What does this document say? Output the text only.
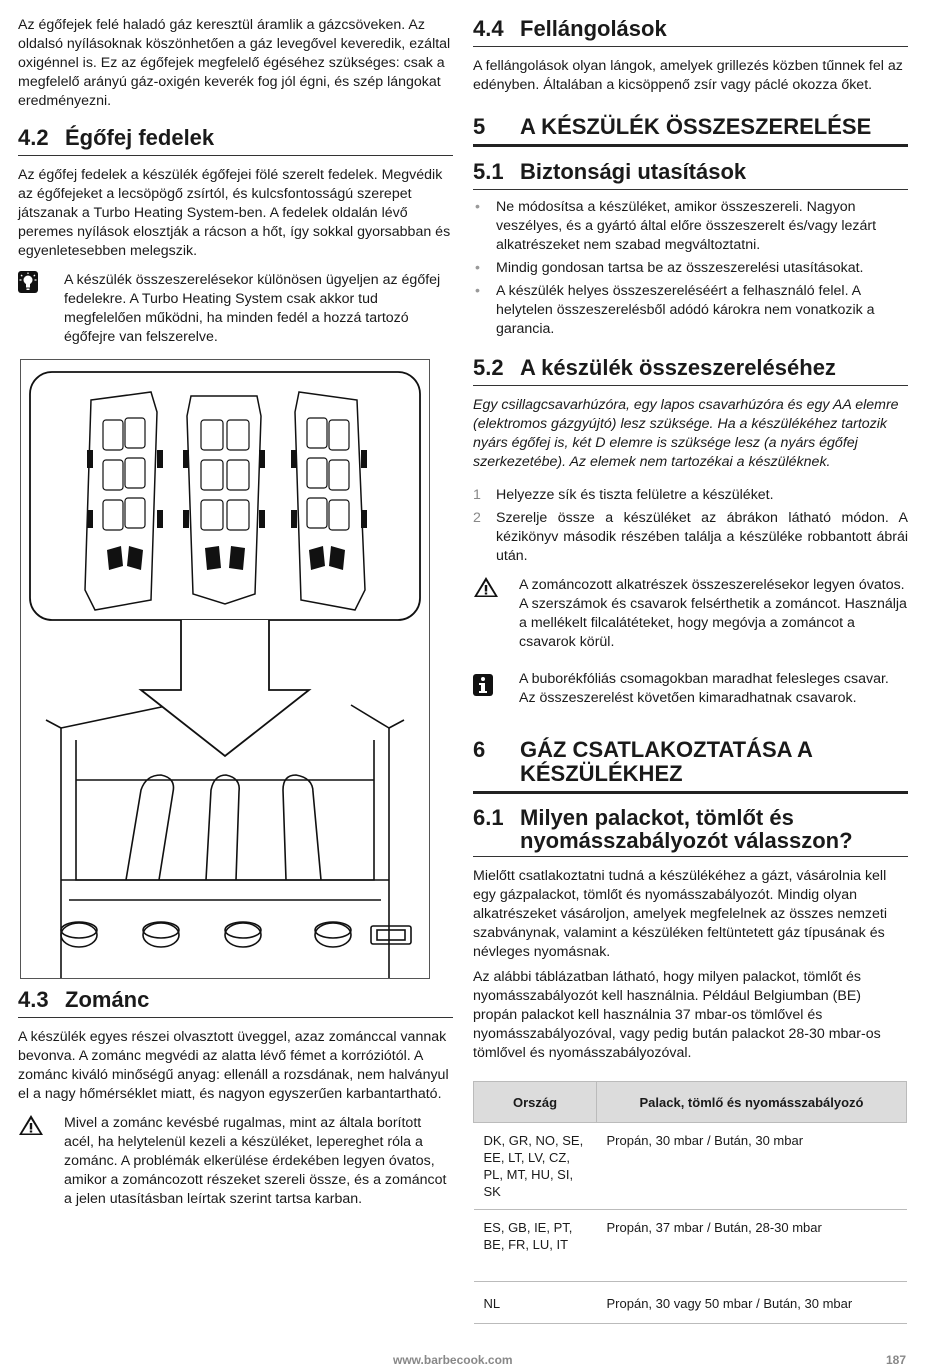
Az égőfejek felé haladó gáz keresztül áramlik a gázcsöveken. Az oldalsó nyílásoknak köszönhetően a gáz levegővel keveredik, ezáltal oxigénnel is. Ez az égőfejek megfelelő égéséhez szükséges: csak a megfelelő arányú gáz-oxigén keverék fog jól égni, és szép lángokat eredményezni.

4.2 Égőfej fedelek

Az égőfej fedelek a készülék égőfejei fölé szerelt fedelek. Megvédik az égőfejeket a lecsöpögő zsírtól, és kulcsfontosságú szerepet játszanak a Turbo Heating System-ben. A fedelek oldalán lévő peremes nyílások elosztják a rácson a hőt, így sokkal gyorsabban és egyenletesebben melegszik.

A készülék összeszerelésekor különösen ügyeljen az égőfej fedelekre. A Turbo Heating System csak akkor tud megfelelően működni, ha minden fedél a hozzá tartozó égőfejre van felszerelve.

4.3 Zománc

A készülék egyes részei olvasztott üveggel, azaz zománccal vannak bevonva. A zománc megvédi az alatta lévő fémet a korróziótól. A zománc kiváló minőségű anyag: ellenáll a rozsdának, nem halványul el a nagy hőmérséklet miatt, és nagyon egyszerűen karbantartható.

Mivel a zománc kevésbé rugalmas, mint az általa borított acél, ha helytelenül kezeli a készüléket, lepereghet róla a zománc. A problémák elkerülése érdekében legyen óvatos, amikor a zománcozott részeket szereli össze, és a zománcot a jelen utasításban leírtak szerint tartsa karban.

4.4 Fellángolások

A fellángolások olyan lángok, amelyek grillezés közben tűnnek fel az edényben. Általában a kicsöppenő zsír vagy páclé okozza őket.

5	A KÉSZÜLÉK ÖSSZESZERELÉSE
5.1 Biztonsági utasítások
• Ne módosítsa a készüléket, amikor összeszereli. Nagyon veszélyes, és a gyártó által előre összeszerelt és/vagy lezárt alkatrészeket nem szabad megváltoztatni.
• Mindig gondosan tartsa be az összeszerelési utasításokat.
• A készülék helyes összeszereléséért a felhasználó felel. A helytelen összeszerelésből adódó károkra nem vonatkozik a garancia.
5.2 A készülék összeszereléséhez

Egy csillagcsavarhúzóra, egy lapos csavarhúzóra és egy AA elemre (elektromos gázgyújtó) lesz szüksége. Ha a készülékéhez tartozik nyárs égőfej is, két D elemre is szüksége lesz (a nyárs égőfej szerkezetébe). Az elemek nem tartozékai a készüléknek.

1	Helyezze sík és tiszta felületre a készüléket.
2	Szerelje össze a készüléket az ábrákon látható módon. A kézikönyv második részében találja a készüléke robbantott ábrái után.

A zománcozott alkatrészek összeszerelésekor legyen óvatos. A szerszámok és csavarok felsérthetik a zománcot. Használja a mellékelt filcalátéteket, hogy megóvja a zománcot a csavarok körül.

A buborékfóliás csomagokban maradhat felesleges csavar. Az összeszerelést követően kimaradhatnak csavarok.

6	GÁZ CSATLAKOZTATÁSA A
KÉSZÜLÉKHEZ
6.1 Milyen palackot, tömlőt és
nyomásszabályozót válasszon?

Mielőtt csatlakoztatni tudná a készülékéhez a gázt, vásárolnia kell egy gázpalackot, tömlőt és nyomásszabályozót. Mindig olyan alkatrészeket vásároljon, amelyek megfelelnek az összes nemzeti szabványnak, valamint a készüléken feltüntetett gáz típusának és névleges nyomásnak.

Az alábbi táblázatban látható, hogy milyen palackot, tömlőt és nyomásszabályozót kell használnia. Például Belgiumban (BE) propán palackot kell használnia 37 mbar-os tömlővel és nyomásszabályozóval, vagy pedig bután palackot 28-30 mbar-os tömlővel és nyomásszabályozóval.

Ország	Palack, tömlő és nyomásszabályozó
DK, GR, NO, SE, EE, LT, LV, CZ, PL, MT, HU, SI, SK	Propán, 30 mbar / Bután, 30 mbar
ES, GB, IE, PT, BE, FR, LU, IT	Propán, 37 mbar / Bután, 28-30 mbar
NL	Propán, 30 vagy 50 mbar / Bután, 30 mbar
www.barbecook.com	187
